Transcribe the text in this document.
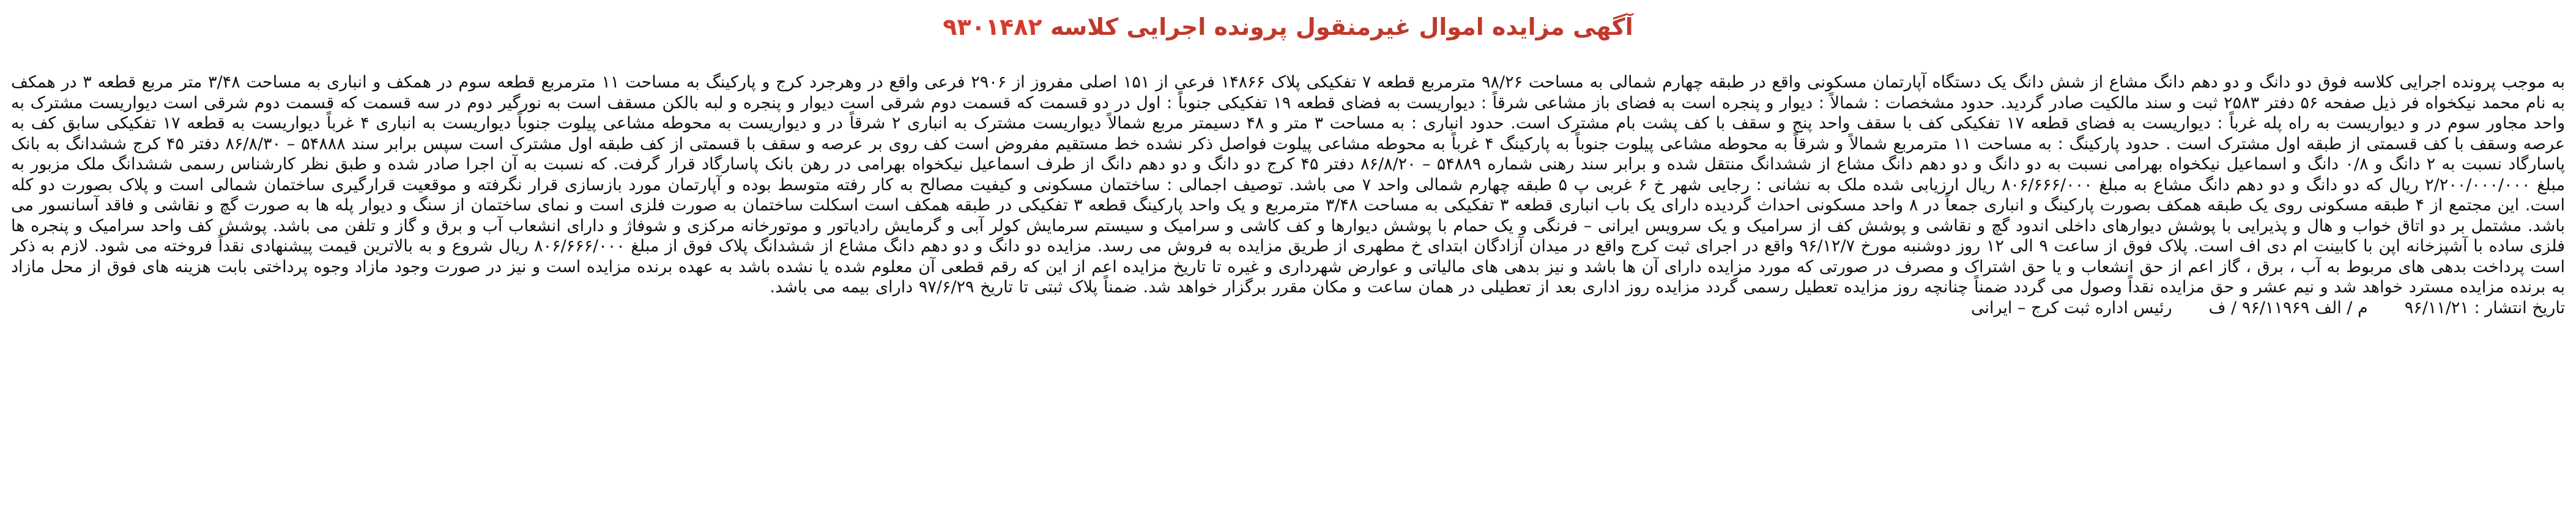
آگهی مزایده اموال غیرمنقول پرونده اجرایی کلاسه ۹۳۰۱۴۸۲

به موجب پرونده اجرایی کلاسه فوق دو دانگ و دو دهم دانگ مشاع از شش دانگ یک دستگاه آپارتمان مسکونی واقع در طبقه چهارم شمالی به مساحت ۹۸/۲۶ مترمربع قطعه ۷ تفکیکی پلاک ۱۴۸۶۶ فرعی از ۱۵۱ اصلی مفروز از ۲۹۰۶ فرعی واقع در وهرجرد کرج و پارکینگ به مساحت ۱۱ مترمربع قطعه سوم در همکف و انباری به مساحت ۳/۴۸ متر مربع قطعه ۳ در همکف به نام محمد نیکخواه فر ذیل صفحه ۵۶ دفتر ۲۵۸۳ ثبت و سند مالکیت صادر گردید. حدود مشخصات : شمالاً : دیوار و پنجره است به فضای باز مشاعی شرقاً : دیواریست به فضای قطعه ۱۹ تفکیکی جنوباً : اول در دو قسمت که قسمت دوم شرقی است دیوار و پنجره و لبه بالکن مسقف است به نورگیر دوم در سه قسمت که قسمت دوم شرقی است دیواریست مشترک به واحد مجاور سوم در و دیواریست به راه پله غرباً : دیواریست به فضای قطعه ۱۷ تفکیکی کف با سقف واحد پنج و سقف با کف پشت بام مشترک است. حدود انباری : به مساحت ۳ متر و ۴۸ دسیمتر مربع شمالاً دیواریست مشترک به انباری ۲ شرقاً در و دیواریست به محوطه مشاعی پیلوت جنوباً دیواریست به انباری ۴ غرباً دیواریست به قطعه ۱۷ تفکیکی سابق کف به عرصه وسقف با کف قسمتی از طبقه اول مشترک است . حدود پارکینگ : به مساحت ۱۱ مترمربع شمالاً و شرقاً به محوطه مشاعی پیلوت جنوباً به پارکینگ ۴ غرباً به محوطه مشاعی پیلوت فواصل ذکر نشده خط مستقیم مفروض است کف روی بر عرصه و سقف با قسمتی از کف طبقه اول مشترک است سپس برابر سند ۵۴۸۸۸ – ۸۶/۸/۳۰ دفتر ۴۵ کرج ششدانگ به بانک پاسارگاد نسبت به ۲ دانگ و ۰/۸ دانگ و اسماعیل نیکخواه بهرامی نسبت به دو دانگ و دو دهم دانگ مشاع از ششدانگ منتقل شده و برابر سند رهنی شماره ۵۴۸۸۹ – ۸۶/۸/۲۰ دفتر ۴۵ کرج دو دانگ و دو دهم دانگ از طرف اسماعیل نیکخواه بهرامی در رهن بانک پاسارگاد قرار گرفت. که نسبت به آن اجرا صادر شده و طبق نظر کارشناس رسمی ششدانگ ملک مزبور به مبلغ ۲/۲۰۰/۰۰۰/۰۰۰ ریال که دو دانگ و دو دهم دانگ مشاع به مبلغ ۸۰۶/۶۶۶/۰۰۰ ریال ارزیابی شده ملک به نشانی : رجایی شهر خ ۶ غربی پ ۵ طبقه چهارم شمالی واحد ۷ می باشد. توصیف اجمالی : ساختمان مسکونی و کیفیت مصالح به کار رفته متوسط بوده و آپارتمان مورد بازسازی قرار نگرفته و موقعیت قرارگیری ساختمان شمالی است و پلاک بصورت دو کله است. این مجتمع از ۴ طبقه مسکونی روی یک طبقه همکف بصورت پارکینگ و انباری جمعاً در ۸ واحد مسکونی احداث گردیده دارای یک باب انباری قطعه ۳ تفکیکی به مساحت ۳/۴۸ مترمربع و یک واحد پارکینگ قطعه ۳ تفکیکی در طبقه همکف است اسکلت ساختمان به صورت فلزی است و نمای ساختمان از سنگ و دیوار پله ها به صورت گچ و نقاشی و فاقد آسانسور می باشد. مشتمل بر دو اتاق خواب و هال و پذیرایی با پوشش دیوارهای داخلی اندود گچ و نقاشی و پوشش کف از سرامیک و یک سرویس ایرانی – فرنگی و یک حمام با پوشش دیوارها و کف کاشی و سرامیک و سیستم سرمایش کولر آبی و گرمایش رادیاتور و موتورخانه مرکزی و شوفاژ و دارای انشعاب آب و برق و گاز و تلفن می باشد. پوشش کف واحد سرامیک و پنجره ها فلزی ساده با آشپزخانه اپن با کابینت ام دی اف است. پلاک فوق از ساعت ۹ الی ۱۲ روز دوشنبه مورخ ۹۶/۱۲/۷ واقع در اجرای ثبت کرج واقع در میدان آزادگان ابتدای خ مطهری از طریق مزایده به فروش می رسد. مزایده دو دانگ و دو دهم دانگ مشاع از ششدانگ پلاک فوق از مبلغ ۸۰۶/۶۶۶/۰۰۰ ریال شروع و به بالاترین قیمت پیشنهادی نقداً فروخته می شود. لازم به ذکر است پرداخت بدهی های مربوط به آب ، برق ، گاز اعم از حق انشعاب و یا حق اشتراک و مصرف در صورتی که مورد مزایده دارای آن ها باشد و نیز بدهی های مالیاتی و عوارض شهرداری و غیره تا تاریخ مزایده اعم از این که رقم قطعی آن معلوم شده یا نشده باشد به عهده برنده مزایده است و نیز در صورت وجود مازاد وجوه پرداختی بابت هزینه های فوق از محل مازاد به برنده مزایده مسترد خواهد شد و نیم عشر و حق مزایده نقداً وصول می گردد ضمناً چنانچه روز مزایده تعطیل رسمی گردد مزایده روز اداری بعد از تعطیلی در همان ساعت و مکان مقرر برگزار خواهد شد. ضمناً پلاک ثبتی تا تاریخ ۹۷/۶/۲۹ دارای بیمه می باشد.

تاریخ انتشار : ۹۶/۱۱/۲۱
م / الف ۹۶/۱۱۹۶۹ / ف
رئیس اداره ثبت کرج – ایرانی
